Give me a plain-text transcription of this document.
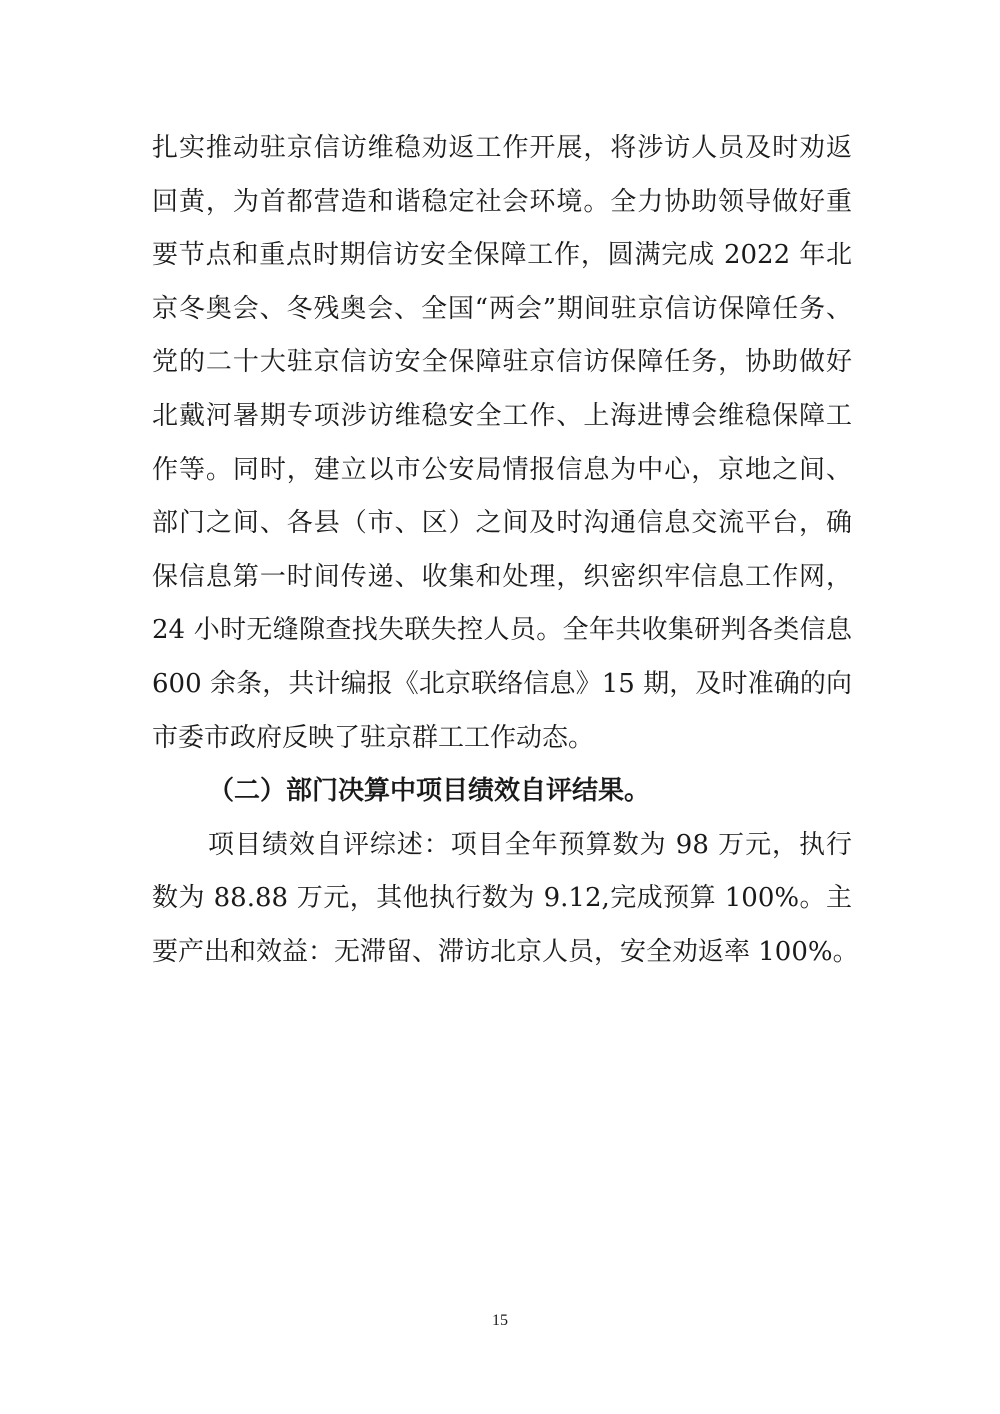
扎实推动驻京信访维稳劝返工作开展，将涉访人员及时劝返
回黄，为首都营造和谐稳定社会环境。全力协助领导做好重
要节点和重点时期信访安全保障工作，圆满完成 2022 年北
京冬奥会、冬残奥会、全国“两会”期间驻京信访保障任务、
党的二十大驻京信访安全保障驻京信访保障任务，协助做好
北戴河暑期专项涉访维稳安全工作、上海进博会维稳保障工
作等。同时，建立以市公安局情报信息为中心，京地之间、
部门之间、各县（市、区）之间及时沟通信息交流平台，确
保信息第一时间传递、收集和处理，织密织牢信息工作网，
24 小时无缝隙查找失联失控人员。全年共收集研判各类信息
600 余条，共计编报《北京联络信息》15 期，及时准确的向
市委市政府反映了驻京群工工作动态。
（二）部门决算中项目绩效自评结果。
项目绩效自评综述：项目全年预算数为 98 万元，执行
数为 88.88 万元，其他执行数为 9.12,完成预算 100%。主
要产出和效益：无滞留、滞访北京人员，安全劝返率 100%。
15
